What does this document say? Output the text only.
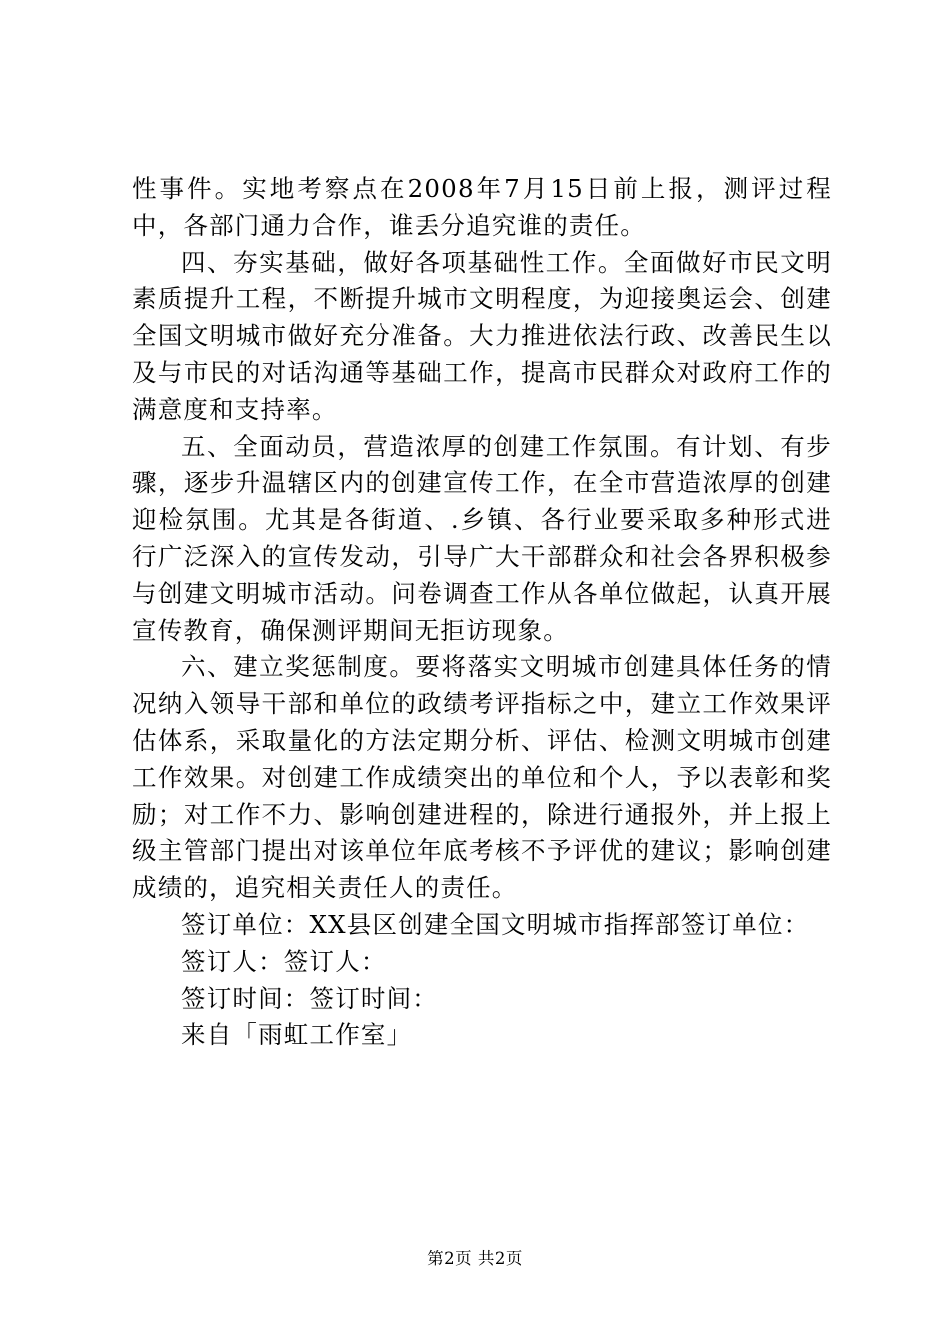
性事件。实地考察点在2008年7月15日前上报，测评过程中，各部门通力合作，谁丢分追究谁的责任。

四、夯实基础，做好各项基础性工作。全面做好市民文明素质提升工程，不断提升城市文明程度，为迎接奥运会、创建全国文明城市做好充分准备。大力推进依法行政、改善民生以及与市民的对话沟通等基础工作，提高市民群众对政府工作的满意度和支持率。

五、全面动员，营造浓厚的创建工作氛围。有计划、有步骤，逐步升温辖区内的创建宣传工作，在全市营造浓厚的创建迎检氛围。尤其是各街道、.乡镇、各行业要采取多种形式进行广泛深入的宣传发动，引导广大干部群众和社会各界积极参与创建文明城市活动。问卷调查工作从各单位做起，认真开展宣传教育，确保测评期间无拒访现象。

六、建立奖惩制度。要将落实文明城市创建具体任务的情况纳入领导干部和单位的政绩考评指标之中，建立工作效果评估体系，采取量化的方法定期分析、评估、检测文明城市创建工作效果。对创建工作成绩突出的单位和个人，予以表彰和奖励；对工作不力、影响创建进程的，除进行通报外，并上报上级主管部门提出对该单位年底考核不予评优的建议；影响创建成绩的，追究相关责任人的责任。

签订单位：XX县区创建全国文明城市指挥部签订单位：

签订人：签订人：

签订时间：签订时间：

来自「雨虹工作室」

第2页 共2页
